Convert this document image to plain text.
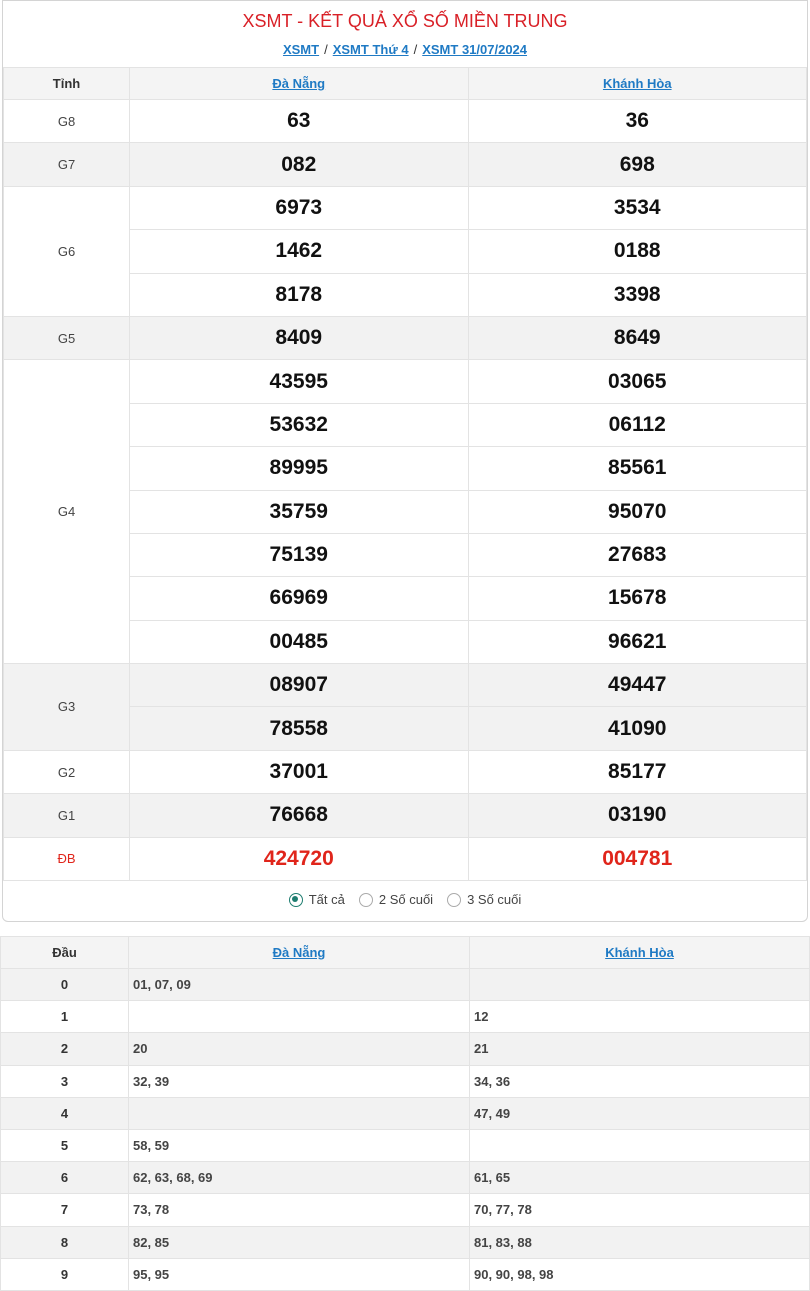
XSMT - KẾT QUẢ XỔ SỐ MIỀN TRUNG
XSMT / XSMT Thứ 4 / XSMT 31/07/2024
Tỉnh	Đà Nẵng	Khánh Hòa
G8	63	36
G7	082	698
G6	6973	3534
	1462	0188
	8178	3398
G5	8409	8649
G4	43595	03065
	53632	06112
	89995	85561
	35759	95070
	75139	27683
	66969	15678
	00485	96621
G3	08907	49447
	78558	41090
G2	37001	85177
G1	76668	03190
ĐB	424720	004781
Tất cả	2 Số cuối	3 Số cuối
Đầu	Đà Nẵng	Khánh Hòa
0	01, 07, 09	
1		12
2	20	21
3	32, 39	34, 36
4		47, 49
5	58, 59	
6	62, 63, 68, 69	61, 65
7	73, 78	70, 77, 78
8	82, 85	81, 83, 88
9	95, 95	90, 90, 98, 98
